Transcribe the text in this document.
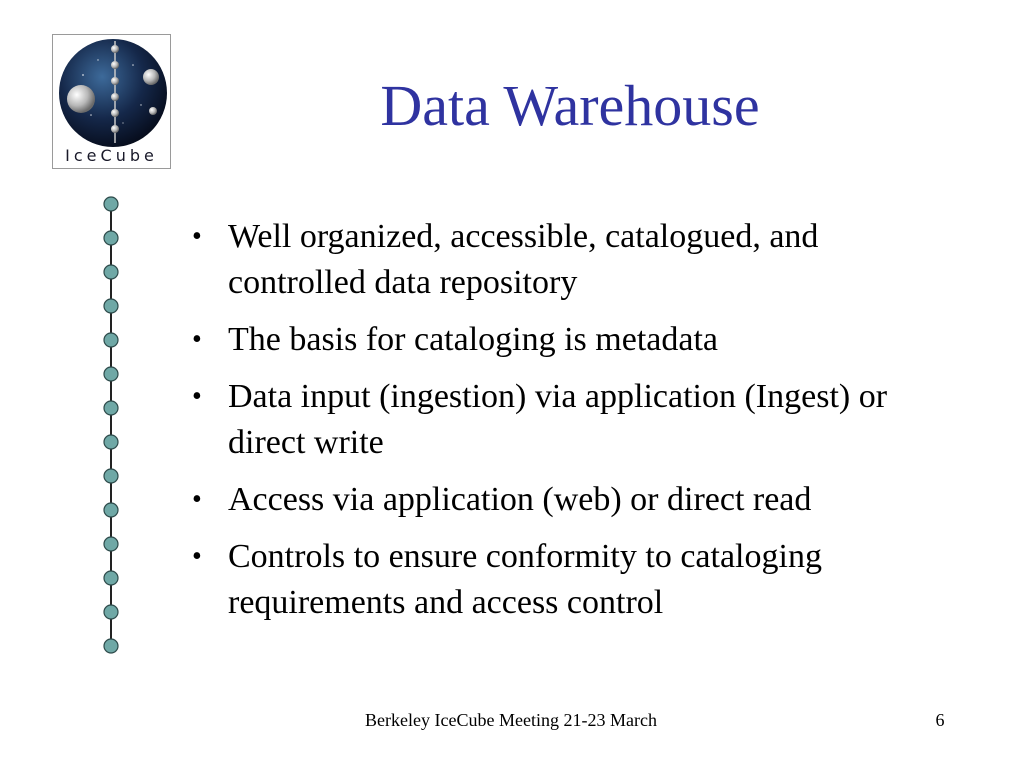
IceCube
Data Warehouse
• Well organized, accessible, catalogued, and controlled data repository
• The basis for cataloging is metadata
• Data input (ingestion) via application (Ingest) or direct write
• Access via application (web) or direct read
• Controls to ensure conformity to cataloging requirements and access control
Berkeley IceCube Meeting 21-23 March	6
